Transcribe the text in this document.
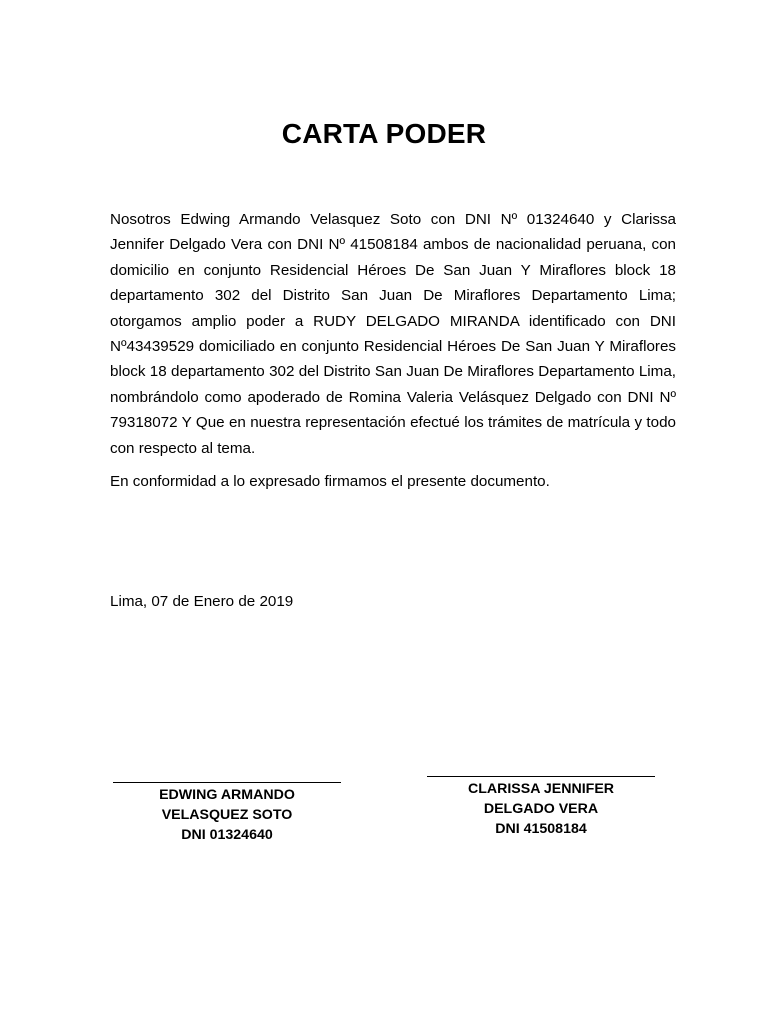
CARTA PODER

Nosotros Edwing Armando Velasquez Soto con DNI Nº 01324640 y Clarissa Jennifer Delgado Vera con DNI Nº 41508184 ambos de nacionalidad peruana, con domicilio en conjunto Residencial Héroes De San Juan Y Miraflores block 18 departamento 302 del Distrito San Juan De Miraflores Departamento Lima; otorgamos amplio poder a RUDY DELGADO MIRANDA identificado con DNI Nº43439529 domiciliado en conjunto Residencial Héroes De San Juan Y Miraflores block 18 departamento 302 del Distrito San Juan De Miraflores Departamento Lima, nombrándolo como apoderado de Romina Valeria Velásquez Delgado con DNI Nº 79318072 Y Que en nuestra representación efectué los trámites de matrícula y todo con respecto al tema.

En conformidad a lo expresado firmamos el presente documento.

Lima, 07 de Enero de 2019

EDWING ARMANDO
VELASQUEZ SOTO
DNI 01324640
CLARISSA JENNIFER
DELGADO VERA
DNI 41508184
